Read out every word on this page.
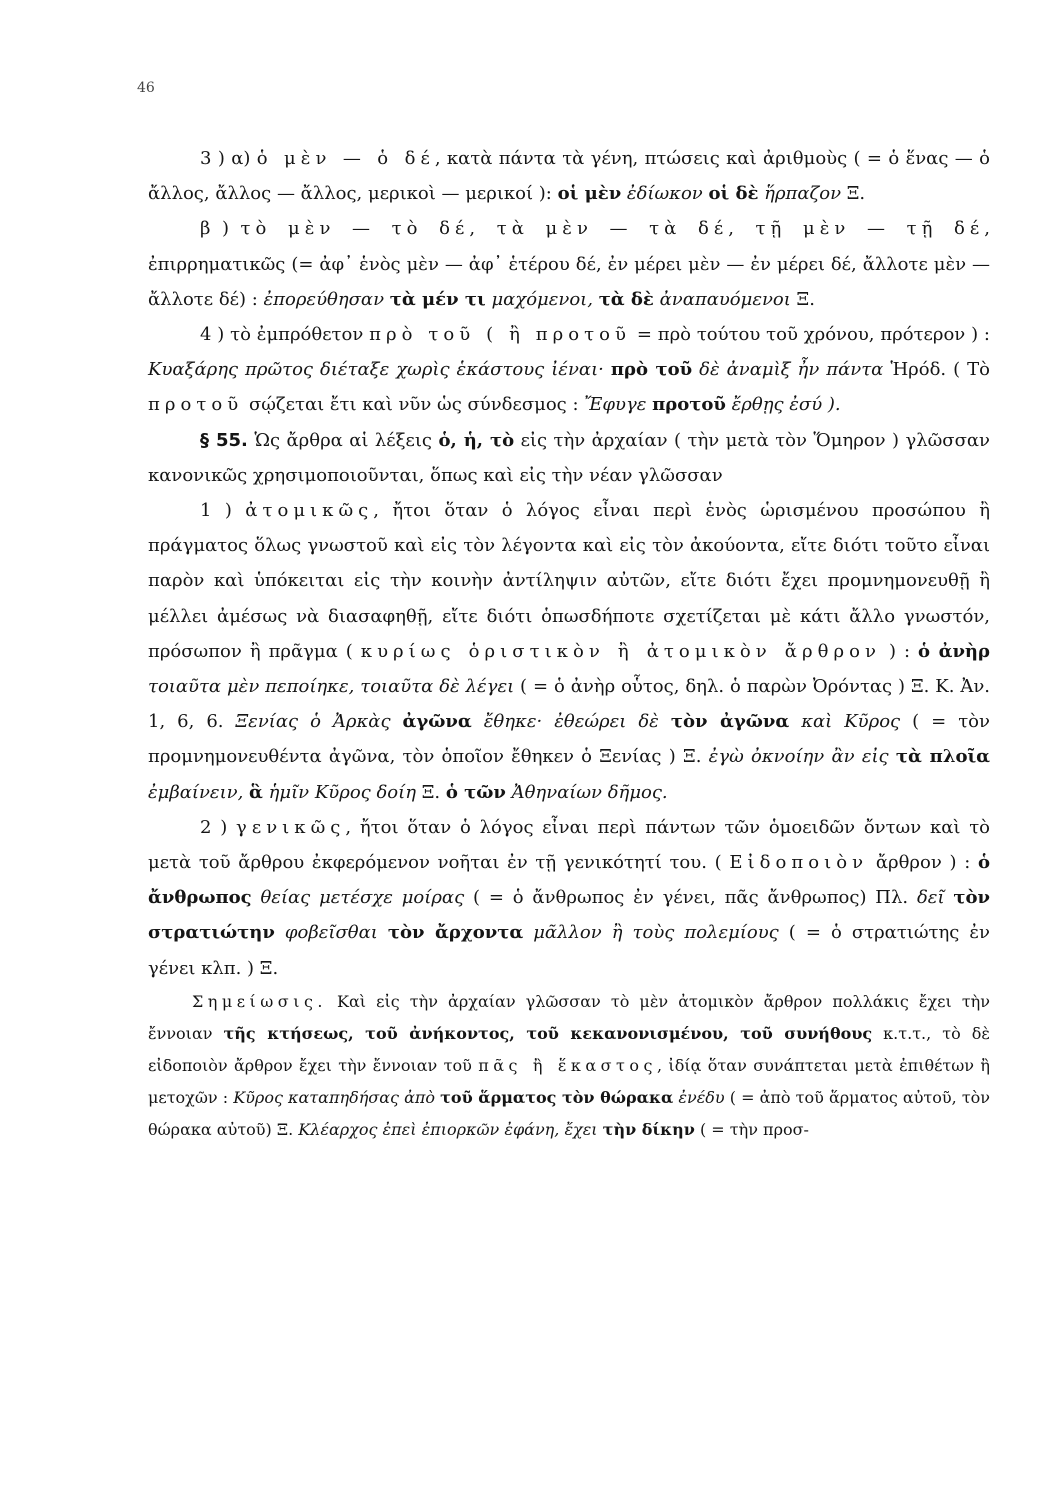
46

3 ) α) ὁ μὲν — ὁ δέ, κατὰ πάντα τὰ γένη, πτώσεις καὶ ἀριθμοὺς ( = ὁ ἕνας — ὁ ἄλλος, ἄλλος — ἄλλος, μερικοὶ — μερικοί ): οἱ μὲν ἐδίωκον οἱ δὲ ἥρπαζον Ξ.

β ) τὸ μὲν — τὸ δέ, τὰ μὲν — τὰ δέ, τῇ μὲν — τῇ δέ, ἐπιρρηματικῶς (= ἀφ᾽ ἑνὸς μὲν — ἀφ᾽ ἑτέρου δέ, ἐν μέρει μὲν — ἐν μέρει δέ, ἄλλοτε μὲν — ἄλλοτε δέ) : ἐπορεύθησαν τὰ μέν τι μαχόμενοι, τὰ δὲ ἀναπαυόμενοι Ξ.

4 ) τὸ ἐμπρόθετον πρὸ τοῦ ( ἢ προτοῦ = πρὸ τούτου τοῦ χρόνου, πρότερον ) : Κυαξάρης πρῶτος διέταξε χωρὶς ἑκάστους ἰέναι· πρὸ τοῦ δὲ ἀναμὶξ ἦν πάντα Ἡρόδ. ( Τὸ προτοῦ σῴζεται ἔτι καὶ νῦν ὡς σύνδεσμος : Ἔφυγε προτοῦ ἔρθῃς ἐσύ ).

§ 55. Ὡς ἄρθρα αἱ λέξεις ὁ, ἡ, τὸ εἰς τὴν ἀρχαίαν ( τὴν μετὰ τὸν Ὅμηρον ) γλῶσσαν κανονικῶς χρησιμοποιοῦνται, ὅπως καὶ εἰς τὴν νέαν γλῶσσαν

1 ) ἀτομικῶς, ἤτοι ὅταν ὁ λόγος εἶναι περὶ ἑνὸς ὡρισμένου προσώπου ἢ πράγματος ὅλως γνωστοῦ καὶ εἰς τὸν λέγοντα καὶ εἰς τὸν ἀκούοντα, εἴτε διότι τοῦτο εἶναι παρὸν καὶ ὑπόκειται εἰς τὴν κοινὴν ἀντίληψιν αὐτῶν, εἴτε διότι ἔχει προμνημονευθῇ ἢ μέλλει ἀμέσως νὰ διασαφηθῇ, εἴτε διότι ὁπωσδήποτε σχετίζεται μὲ κάτι ἄλλο γνωστόν, πρόσωπον ἢ πρᾶγμα ( κυρίως ὁριστικὸν ἢ ἀτομικὸν ἄρθρον ) : ὁ ἀνὴρ τοιαῦτα μὲν πεποίηκε, τοιαῦτα δὲ λέγει ( = ὁ ἀνὴρ οὗτος, δηλ. ὁ παρὼν Ὀρόντας ) Ξ. Κ. Ἀν. 1, 6, 6. Ξενίας ὁ Ἀρκὰς ἀγῶνα ἔθηκε· ἐθεώρει δὲ τὸν ἀγῶνα καὶ Κῦρος ( = τὸν προμνημονευθέντα ἀγῶνα, τὸν ὁποῖον ἔθηκεν ὁ Ξενίας ) Ξ. ἐγὼ ὀκνοίην ἂν εἰς τὰ πλοῖα ἐμβαίνειν, ἃ ἡμῖν Κῦρος δοίη Ξ. ὁ τῶν Ἀθηναίων δῆμος.

2 ) γενικῶς, ἤτοι ὅταν ὁ λόγος εἶναι περὶ πάντων τῶν ὁμοειδῶν ὄντων καὶ τὸ μετὰ τοῦ ἄρθρου ἐκφερόμενον νοῆται ἐν τῇ γενικότητί του. ( Εἰδοποιὸν ἄρθρον ) : ὁ ἄνθρωπος θείας μετέσχε μοίρας ( = ὁ ἄνθρωπος ἐν γένει, πᾶς ἄνθρωπος) Πλ. δεῖ τὸν στρατιώτην φοβεῖσθαι τὸν ἄρχοντα μᾶλλον ἢ τοὺς πολεμίους ( = ὁ στρατιώτης ἐν γένει κλπ. ) Ξ.

Σημείωσις. Καὶ εἰς τὴν ἀρχαίαν γλῶσσαν τὸ μὲν ἀτομικὸν ἄρθρον πολλάκις ἔχει τὴν ἔννοιαν τῆς κτήσεως, τοῦ ἀνήκοντος, τοῦ κεκανονισμένου, τοῦ συνήθους κ.τ.τ., τὸ δὲ εἰδοποιὸν ἄρθρον ἔχει τὴν ἔννοιαν τοῦ πᾶς ἢ ἕκαστος, ἰδίᾳ ὅταν συνάπτεται μετὰ ἐπιθέτων ἢ μετοχῶν : Κῦρος καταπηδήσας ἀπὸ τοῦ ἅρματος τὸν θώρακα ἐνέδυ ( = ἀπὸ τοῦ ἅρματος αὐτοῦ, τὸν θώρακα αὐτοῦ) Ξ. Κλέαρχος ἐπεὶ ἐπιορκῶν ἐφάνη, ἔχει τὴν δίκην ( = τὴν προσ-
